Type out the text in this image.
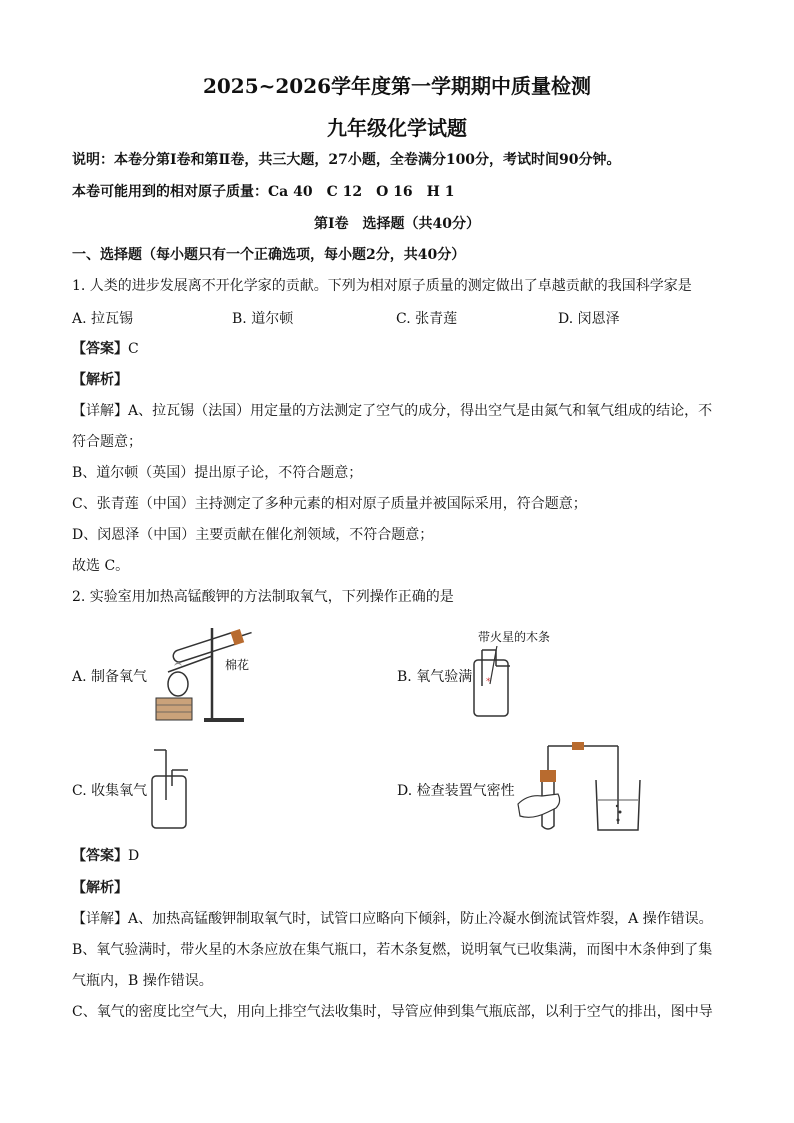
2025~2026学年度第一学期期中质量检测
九年级化学试题
说明：本卷分第Ⅰ卷和第Ⅱ卷，共三大题，27小题，全卷满分100分，考试时间90分钟。
本卷可能用到的相对原子质量：Ca 40　C 12　O 16　H 1
第Ⅰ卷　选择题（共40分）
一、选择题（每小题只有一个正确选项，每小题2分，共40分）
1. 人类的进步发展离不开化学家的贡献。下列为相对原子质量的测定做出了卓越贡献的我国科学家是
A. 拉瓦锡	B. 道尔顿	C. 张青莲	D. 闵恩泽
【答案】C
【解析】
【详解】A、拉瓦锡（法国）用定量的方法测定了空气的成分，得出空气是由氮气和氧气组成的结论，不
符合题意；
B、道尔顿（英国）提出原子论，不符合题意；
C、张青莲（中国）主持测定了多种元素的相对原子质量并被国际采用，符合题意；
D、闵恩泽（中国）主要贡献在催化剂领域，不符合题意；
故选 C。
2. 实验室用加热高锰酸钾的方法制取氧气，下列操作正确的是
A. 制备氧气
棉花
B. 氧气验满
带火星的木条
*
C. 收集氧气	D. 检查装置气密性
【答案】D
【解析】
【详解】A、加热高锰酸钾制取氧气时，试管口应略向下倾斜，防止冷凝水倒流试管炸裂，A 操作错误。
B、氧气验满时，带火星的木条应放在集气瓶口，若木条复燃，说明氧气已收集满，而图中木条伸到了集
气瓶内，B 操作错误。
C、氧气的密度比空气大，用向上排空气法收集时，导管应伸到集气瓶底部，以利于空气的排出，图中导
